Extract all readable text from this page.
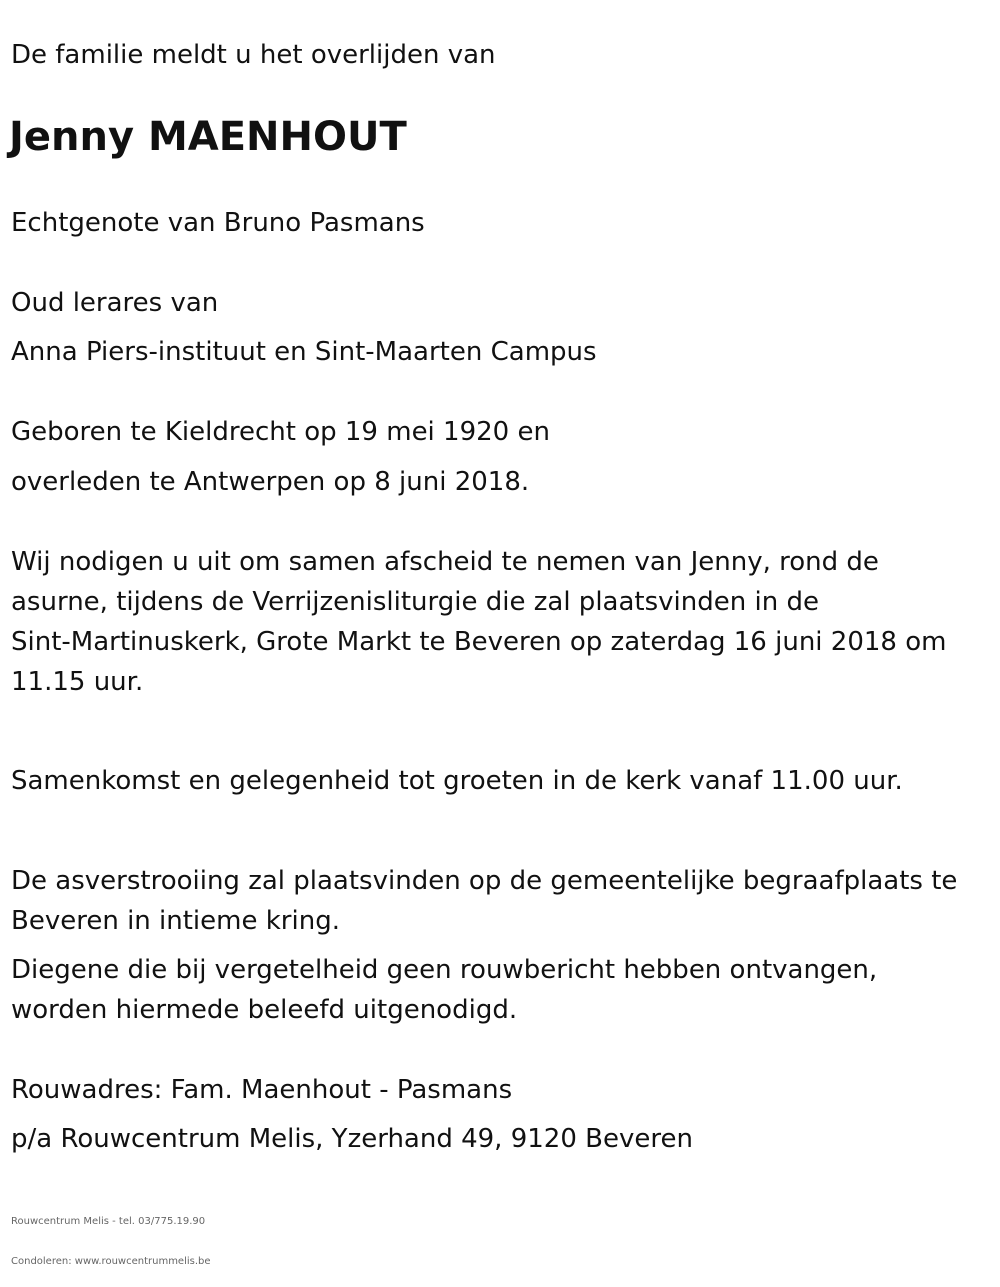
De familie meldt u het overlijden van

Jenny MAENHOUT

Echtgenote van Bruno Pasmans

Oud lerares van

Anna Piers-instituut en Sint-Maarten Campus

Geboren te Kieldrecht op 19 mei 1920 en

overleden te Antwerpen op 8 juni 2018.

Wij nodigen u uit om samen afscheid te nemen van Jenny, rond de
asurne, tijdens de Verrijzenisliturgie die zal plaatsvinden in de
Sint-Martinuskerk, Grote Markt te Beveren op zaterdag 16 juni 2018 om
11.15 uur.

Samenkomst en gelegenheid tot groeten in de kerk vanaf 11.00 uur.

De asverstrooiing zal plaatsvinden op de gemeentelijke begraafplaats te
Beveren in intieme kring.
Diegene die bij vergetelheid geen rouwbericht hebben ontvangen,
worden hiermede beleefd uitgenodigd.

Rouwadres: Fam. Maenhout - Pasmans

p/a Rouwcentrum Melis, Yzerhand 49, 9120 Beveren

Rouwcentrum Melis - tel. 03/775.19.90

Condoleren: www.rouwcentrummelis.be
